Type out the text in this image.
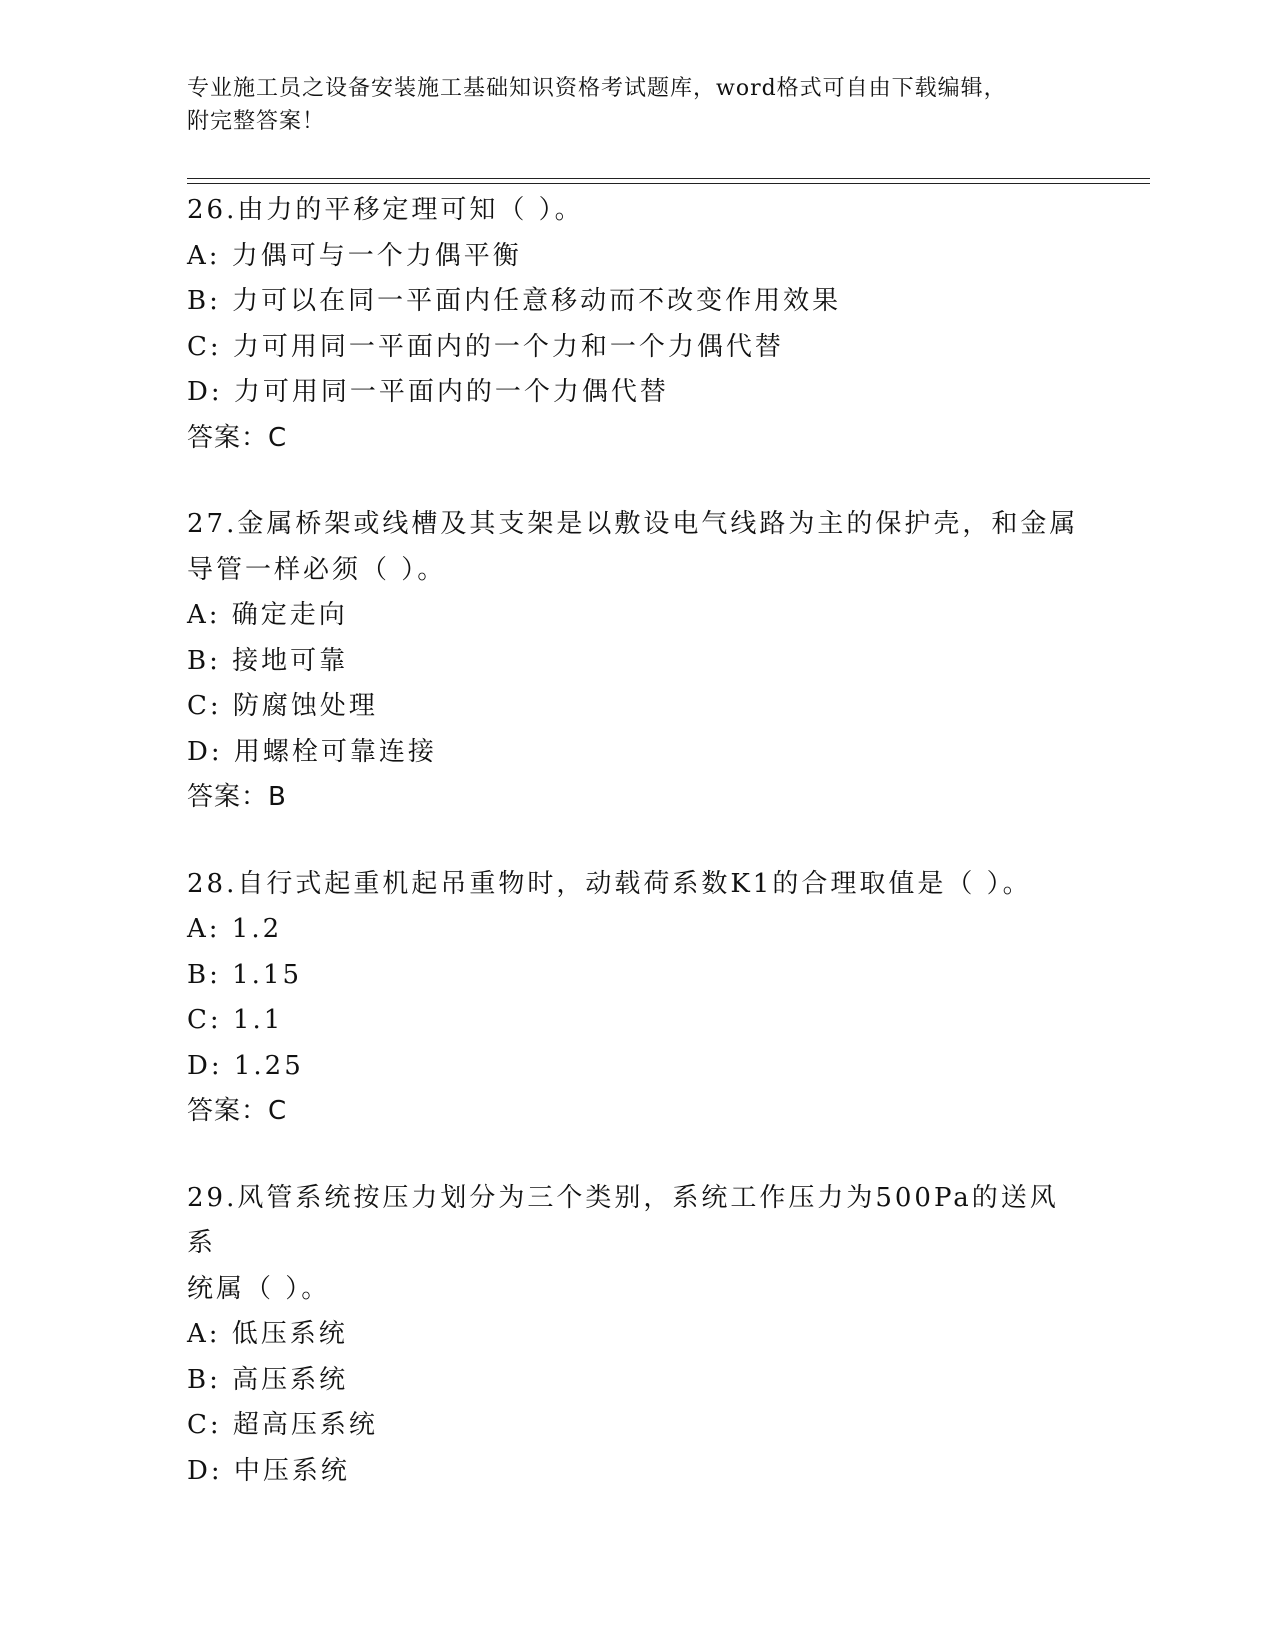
专业施工员之设备安装施工基础知识资格考试题库，word格式可自由下载编辑，
附完整答案！
26.由力的平移定理可知（ ）。
A: 力偶可与一个力偶平衡
B: 力可以在同一平面内任意移动而不改变作用效果
C: 力可用同一平面内的一个力和一个力偶代替
D: 力可用同一平面内的一个力偶代替
答案：C
27.金属桥架或线槽及其支架是以敷设电气线路为主的保护壳，和金属
导管一样必须（ ）。
A: 确定走向
B: 接地可靠
C: 防腐蚀处理
D: 用螺栓可靠连接
答案：B
28.自行式起重机起吊重物时，动载荷系数K1的合理取值是（ ）。
A: 1.2
B: 1.15
C: 1.1
D: 1.25
答案：C
29.风管系统按压力划分为三个类别，系统工作压力为500Pa的送风系
统属（ ）。
A: 低压系统
B: 高压系统
C: 超高压系统
D: 中压系统
